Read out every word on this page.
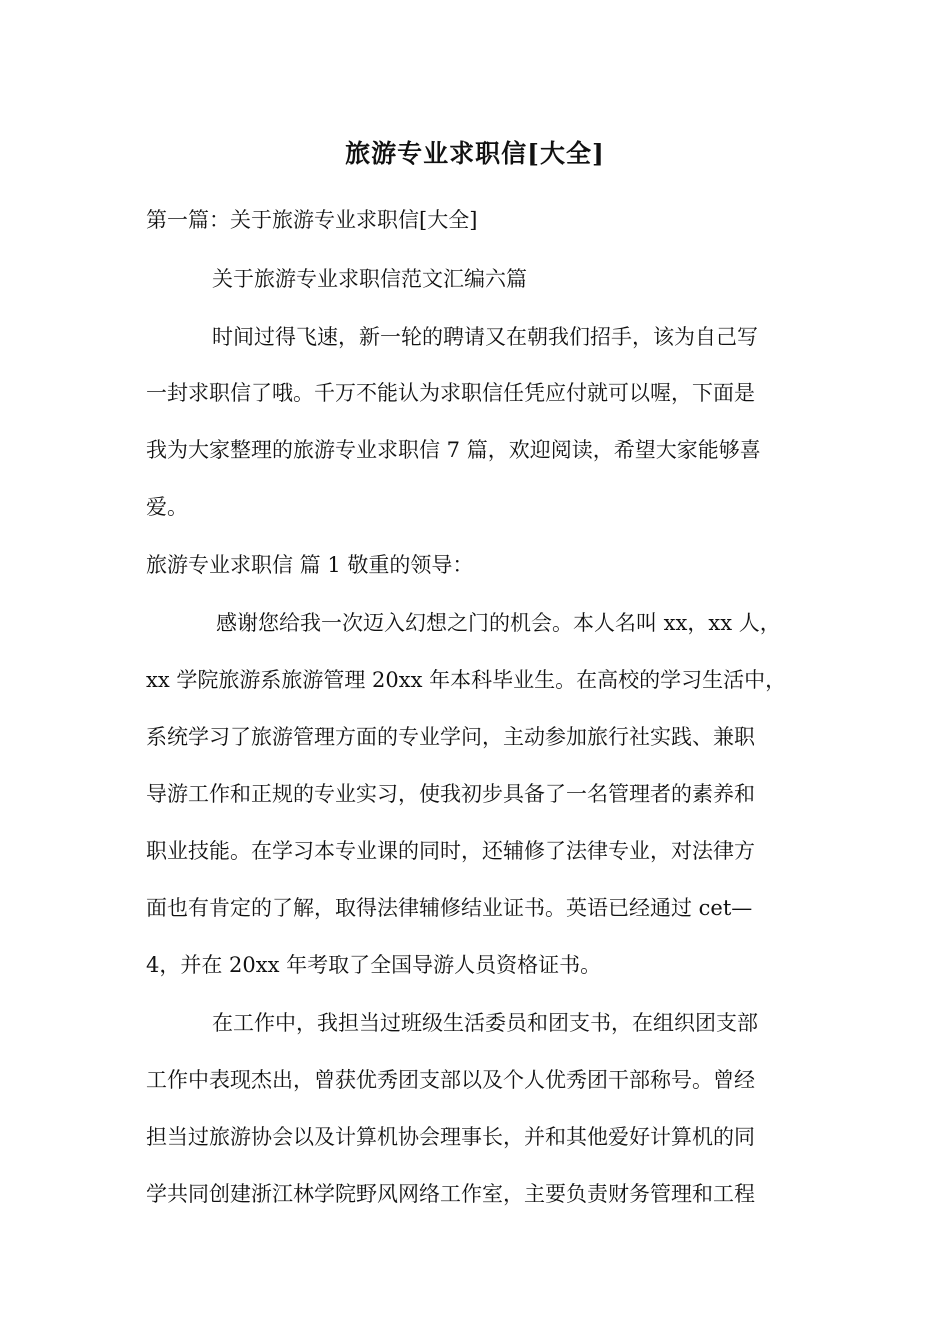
旅游专业求职信[大全]
第一篇：关于旅游专业求职信[大全]
关于旅游专业求职信范文汇编六篇
时间过得飞速，新一轮的聘请又在朝我们招手，该为自己写
一封求职信了哦。千万不能认为求职信任凭应付就可以喔，下面是
我为大家整理的旅游专业求职信 7 篇，欢迎阅读，希望大家能够喜
爱。
旅游专业求职信 篇 1 敬重的领导：
感谢您给我一次迈入幻想之门的机会。本人名叫 xx，xx 人，
xx 学院旅游系旅游管理 20xx 年本科毕业生。在高校的学习生活中，
系统学习了旅游管理方面的专业学问，主动参加旅行社实践、兼职
导游工作和正规的专业实习，使我初步具备了一名管理者的素养和
职业技能。在学习本专业课的同时，还辅修了法律专业，对法律方
面也有肯定的了解，取得法律辅修结业证书。英语已经通过 cet—
4，并在 20xx 年考取了全国导游人员资格证书。
在工作中，我担当过班级生活委员和团支书，在组织团支部
工作中表现杰出，曾获优秀团支部以及个人优秀团干部称号。曾经
担当过旅游协会以及计算机协会理事长，并和其他爱好计算机的同
学共同创建浙江林学院野风网络工作室，主要负责财务管理和工程
